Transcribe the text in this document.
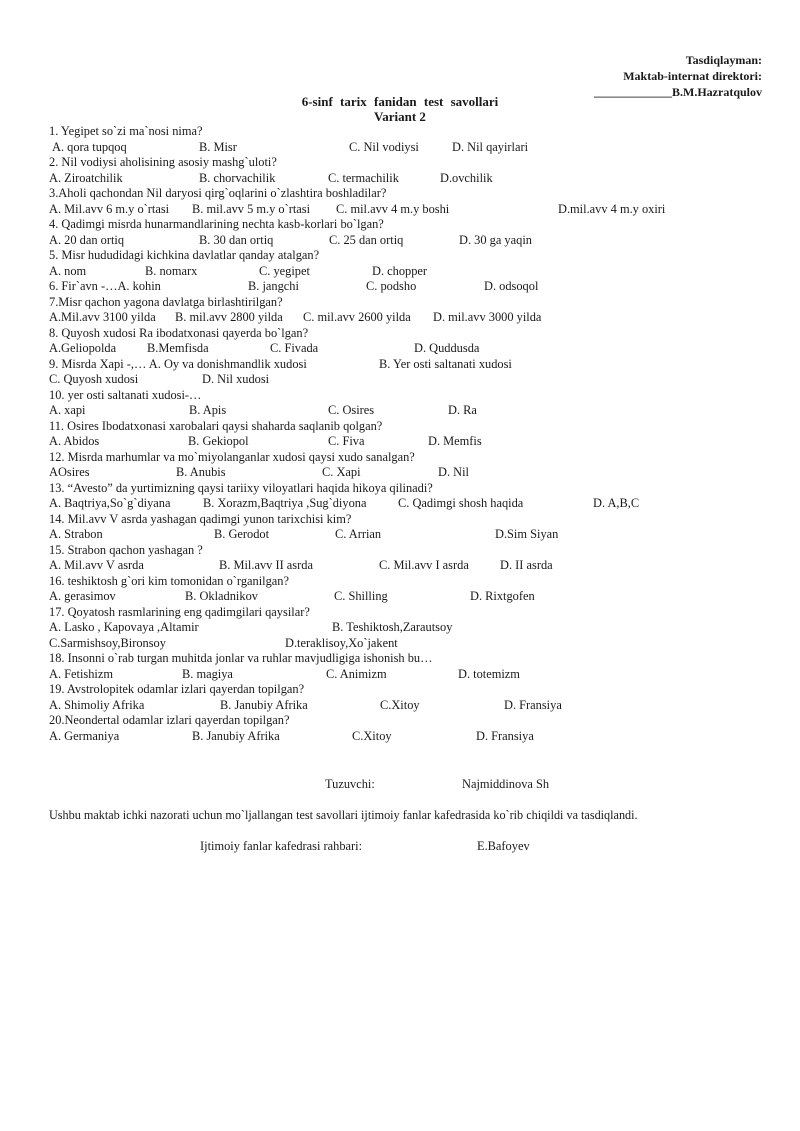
Tasdiqlayman:
Maktab-internat direktori:
_____________B.M.Hazratqulov
6-sinf tarix fanidan test savollari
Variant 2
1. Yegipet so`zi ma`nosi nima?
A. qora tupqoq	B. Misr	C. Nil vodiysi	D. Nil qayirlari
2. Nil vodiysi aholisining asosiy mashg`uloti?
A. Ziroatchilik	B. chorvachilik	C. termachilik	D.ovchilik
3.Aholi qachondan Nil daryosi qirg`oqlarini o`zlashtira boshladilar?
A. Mil.avv 6 m.y o`rtasi B. mil.avv 5 m.y o`rtasi C. mil.avv 4 m.y boshi	D.mil.avv 4 m.y oxiri
4. Qadimgi misrda hunarmandlarining nechta kasb-korlari bo`lgan?
A. 20 dan ortiq	B. 30 dan ortiq	C. 25 dan ortiq	D. 30 ga yaqin
5. Misr hududidagi kichkina davlatlar qanday atalgan?
A. nom	B. nomarx	C. yegipet	D. chopper
6. Fir`avn -…A. kohin	B. jangchi	C. podsho	D. odsoqol
7.Misr qachon yagona davlatga birlashtirilgan?
A.Mil.avv 3100 yilda B. mil.avv 2800 yilda C. mil.avv 2600 yilda D. mil.avv 3000 yilda
8. Quyosh xudosi Ra ibodatxonasi qayerda bo`lgan?
A.Geliopolda B.Memfisda	C. Fivada	D. Quddusda
9. Misrda Xapi -,… A. Oy va donishmandlik xudosi	B. Yer osti saltanati xudosi
C. Quyosh xudosi	D. Nil xudosi
10. yer osti saltanati xudosi-…
A. xapi	B. Apis	C. Osires	D. Ra
11. Osires Ibodatxonasi xarobalari qaysi shaharda saqlanib qolgan?
A. Abidos	B. Gekiopol	C. Fiva	D. Memfis
12. Misrda marhumlar va mo`miyolanganlar xudosi qaysi xudo sanalgan?
AOsires	B. Anubis	C. Xapi	D. Nil
13. “Avesto” da yurtimizning qaysi tariixy viloyatlari haqida hikoya qilinadi?
A. Baqtriya,So`g`diyana	B. Xorazm,Baqtriya ,Sug`diyona	C. Qadimgi shosh haqida	D. A,B,C
14. Mil.avv V asrda yashagan qadimgi yunon tarixchisi kim?
A. Strabon	B. Gerodot	C. Arrian	D.Sim Siyan
15. Strabon qachon yashagan ?
A. Mil.avv V asrda	B. Mil.avv II asrda	C. Mil.avv I asrda	D. II asrda
16. teshiktosh g`ori kim tomonidan o`rganilgan?
A. gerasimov	B. Okladnikov	C. Shilling	D. Rixtgofen
17. Qoyatosh rasmlarining eng qadimgilari qaysilar?
A. Lasko , Kapovaya ,Altamir	B. Teshiktosh,Zarautsoy
C.Sarmishsoy,Bironsoy	D.teraklisoy,Xo`jakent
18. Insonni o`rab turgan muhitda jonlar va ruhlar mavjudligiga ishonish bu…
A. Fetishizm	B. magiya	C. Animizm	D. totemizm
19. Avstrolopitek odamlar izlari qayerdan topilgan?
A. Shimoliy Afrika	B. Janubiy Afrika	C.Xitoy	D. Fransiya
20.Neondertal odamlar izlari qayerdan topilgan?
A. Germaniya	B. Janubiy Afrika	C.Xitoy	D. Fransiya
Tuzuvchi:	Najmiddinova Sh
Ushbu maktab ichki nazorati uchun mo`ljallangan test savollari ijtimoiy fanlar kafedrasida ko`rib chiqildi va tasdiqlandi.
Ijtimoiy fanlar kafedrasi rahbari:	E.Bafoyev
